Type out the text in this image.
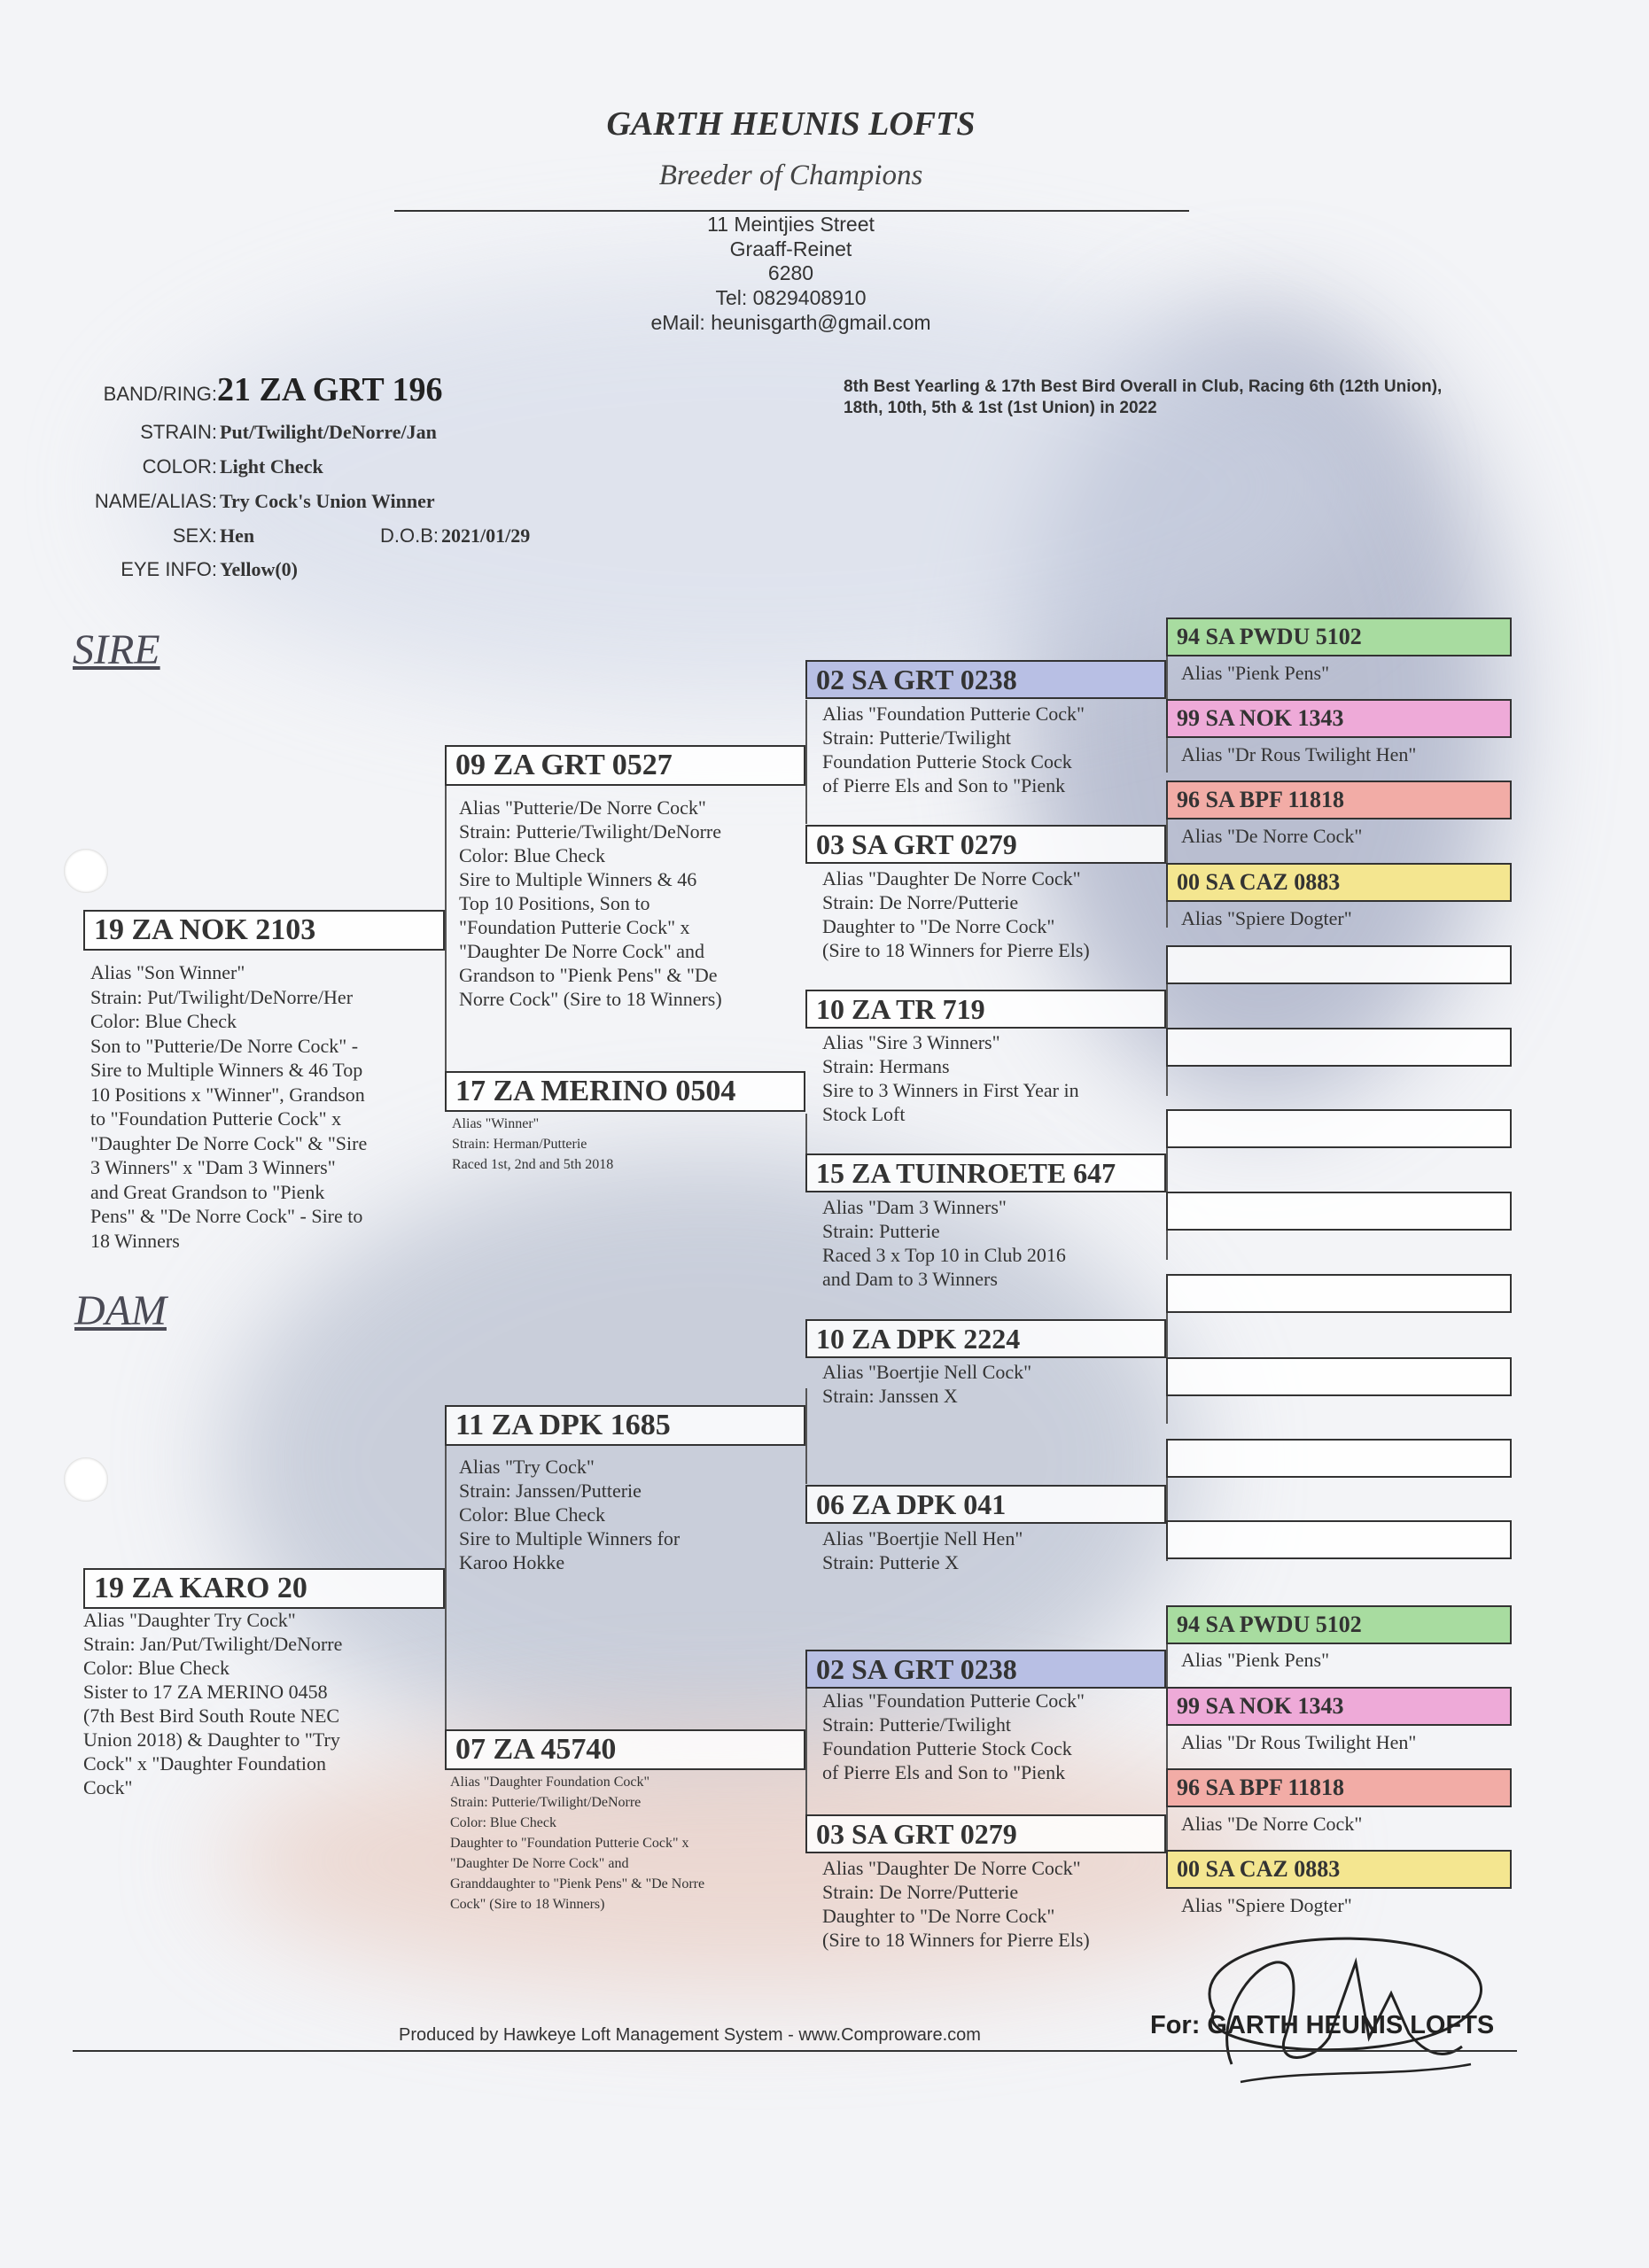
GARTH HEUNIS LOFTS
Breeder of Champions
11 Meintjies Street
Graaff-Reinet
6280
Tel: 0829408910
eMail: heunisgarth@gmail.com
BAND/RING: 21 ZA GRT 196
STRAIN: Put/Twilight/DeNorre/Jan
COLOR: Light Check
NAME/ALIAS: Try Cock's Union Winner
SEX: Hen	D.O.B: 2021/01/29
EYE INFO: Yellow(0)
8th Best Yearling & 17th Best Bird Overall in Club, Racing 6th (12th Union), 18th, 10th, 5th & 1st (1st Union) in 2022
SIRE
DAM
19 ZA NOK 2103
Alias "Son Winner"
Strain: Put/Twilight/DeNorre/Her
Color: Blue Check
Son to "Putterie/De Norre Cock" -
Sire to Multiple Winners & 46 Top
10 Positions x "Winner", Grandson
to "Foundation Putterie Cock" x
"Daughter De Norre Cock" & "Sire
3 Winners" x "Dam 3 Winners"
and Great Grandson to "Pienk
Pens" & "De Norre Cock" - Sire to
18 Winners
19 ZA KARO 20
Alias "Daughter Try Cock"
Strain: Jan/Put/Twilight/DeNorre
Color: Blue Check
Sister to 17 ZA MERINO 0458
(7th Best Bird South Route NEC
Union 2018) & Daughter to "Try
Cock" x "Daughter Foundation
Cock"
09 ZA GRT 0527
Alias "Putterie/De Norre Cock"
Strain: Putterie/Twilight/DeNorre
Color: Blue Check
Sire to Multiple Winners & 46
Top 10 Positions, Son to
"Foundation Putterie Cock" x
"Daughter De Norre Cock" and
Grandson to "Pienk Pens" & "De
Norre Cock" (Sire to 18 Winners)
17 ZA MERINO 0504
Alias "Winner"
Strain: Herman/Putterie
Raced 1st, 2nd and 5th 2018
11 ZA DPK 1685
Alias "Try Cock"
Strain: Janssen/Putterie
Color: Blue Check
Sire to Multiple Winners for
Karoo Hokke
07 ZA 45740
Alias "Daughter Foundation Cock"
Strain: Putterie/Twilight/DeNorre
Color: Blue Check
Daughter to "Foundation Putterie Cock" x
"Daughter De Norre Cock" and
Granddaughter to "Pienk Pens" & "De Norre
Cock" (Sire to 18 Winners)
02 SA GRT 0238
Alias "Foundation Putterie Cock"
Strain: Putterie/Twilight
Foundation Putterie Stock Cock
of Pierre Els and Son to "Pienk
03 SA GRT 0279
Alias "Daughter De Norre Cock"
Strain: De Norre/Putterie
Daughter to "De Norre Cock"
(Sire to 18 Winners for Pierre Els)
10 ZA TR 719
Alias "Sire 3 Winners"
Strain: Hermans
Sire to 3 Winners in First Year in
Stock Loft
15 ZA TUINROETE 647
Alias "Dam 3 Winners"
Strain: Putterie
Raced 3 x Top 10 in Club 2016
and Dam to 3 Winners
10 ZA DPK 2224
Alias "Boertjie Nell Cock"
Strain: Janssen X
06 ZA DPK 041
Alias "Boertjie Nell Hen"
Strain: Putterie X
02 SA GRT 0238
Alias "Foundation Putterie Cock"
Strain: Putterie/Twilight
Foundation Putterie Stock Cock
of Pierre Els and Son to "Pienk
03 SA GRT 0279
Alias "Daughter De Norre Cock"
Strain: De Norre/Putterie
Daughter to "De Norre Cock"
(Sire to 18 Winners for Pierre Els)
94 SA PWDU 5102
Alias "Pienk Pens"
99 SA NOK 1343
Alias "Dr Rous Twilight Hen"
96 SA BPF 11818
Alias "De Norre Cock"
00 SA CAZ 0883
Alias "Spiere Dogter"
94 SA PWDU 5102
Alias "Pienk Pens"
99 SA NOK 1343
Alias "Dr Rous Twilight Hen"
96 SA BPF 11818
Alias "De Norre Cock"
00 SA CAZ 0883
Alias "Spiere Dogter"
Produced by Hawkeye Loft Management System - www.Comproware.com	For: GARTH HEUNIS LOFTS
